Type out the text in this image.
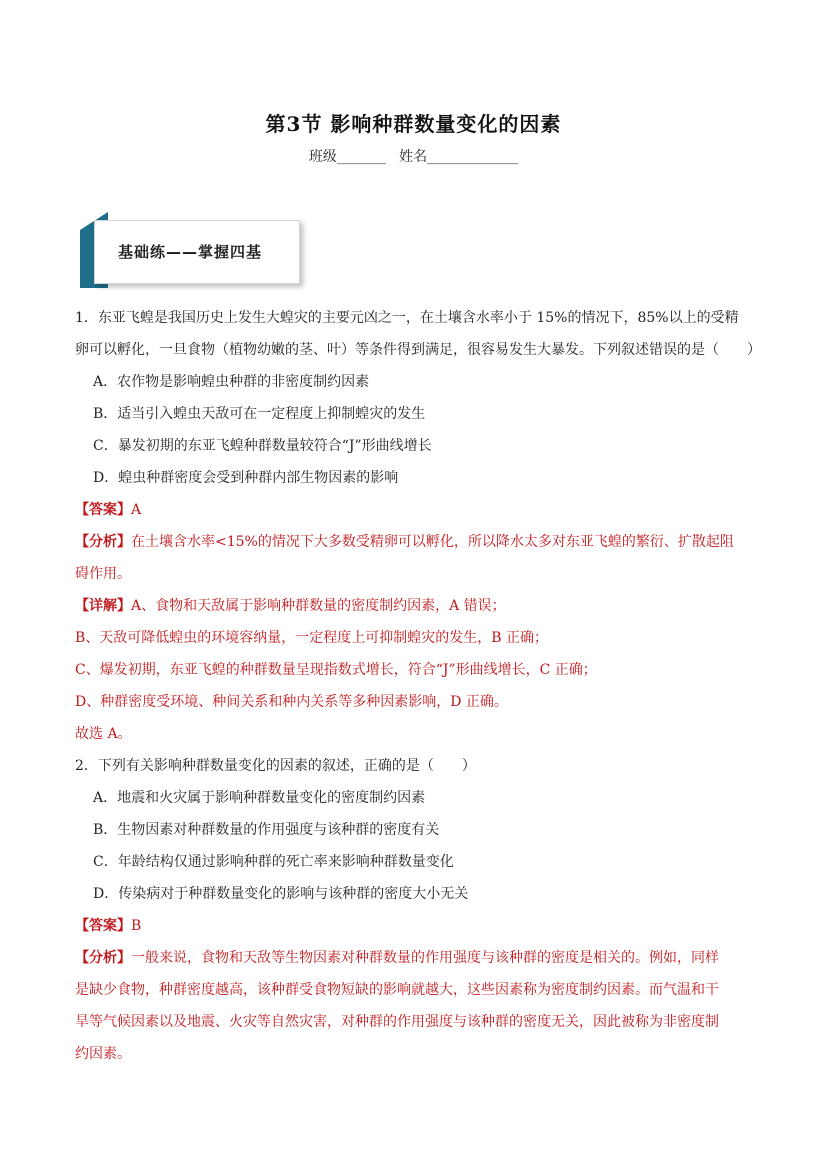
第3节 影响种群数量变化的因素
班级_______ 姓名_____________
基础练——掌握四基
1．东亚飞蝗是我国历史上发生大蝗灾的主要元凶之一，在土壤含水率小于 15%的情况下，85%以上的受精
卵可以孵化，一旦食物（植物幼嫩的茎、叶）等条件得到满足，很容易发生大暴发。下列叙述错误的是（　　）
A．农作物是影响蝗虫种群的非密度制约因素
B．适当引入蝗虫天敌可在一定程度上抑制蝗灾的发生
C．暴发初期的东亚飞蝗种群数量较符合“J”形曲线增长
D．蝗虫种群密度会受到种群内部生物因素的影响
【答案】A
【分析】在土壤含水率<15%的情况下大多数受精卵可以孵化，所以降水太多对东亚飞蝗的繁衍、扩散起阻
碍作用。
【详解】A、食物和天敌属于影响种群数量的密度制约因素，A 错误；
B、天敌可降低蝗虫的环境容纳量，一定程度上可抑制蝗灾的发生，B 正确；
C、爆发初期，东亚飞蝗的种群数量呈现指数式增长，符合“J”形曲线增长，C 正确；
D、种群密度受环境、种间关系和种内关系等多种因素影响，D 正确。
故选 A。
2．下列有关影响种群数量变化的因素的叙述，正确的是（　　）
A．地震和火灾属于影响种群数量变化的密度制约因素
B．生物因素对种群数量的作用强度与该种群的密度有关
C．年龄结构仅通过影响种群的死亡率来影响种群数量变化
D．传染病对于种群数量变化的影响与该种群的密度大小无关
【答案】B
【分析】一般来说，食物和天敌等生物因素对种群数量的作用强度与该种群的密度是相关的。例如，同样
是缺少食物，种群密度越高，该种群受食物短缺的影响就越大，这些因素称为密度制约因素。而气温和干
旱等气候因素以及地震、火灾等自然灾害，对种群的作用强度与该种群的密度无关，因此被称为非密度制
约因素。
